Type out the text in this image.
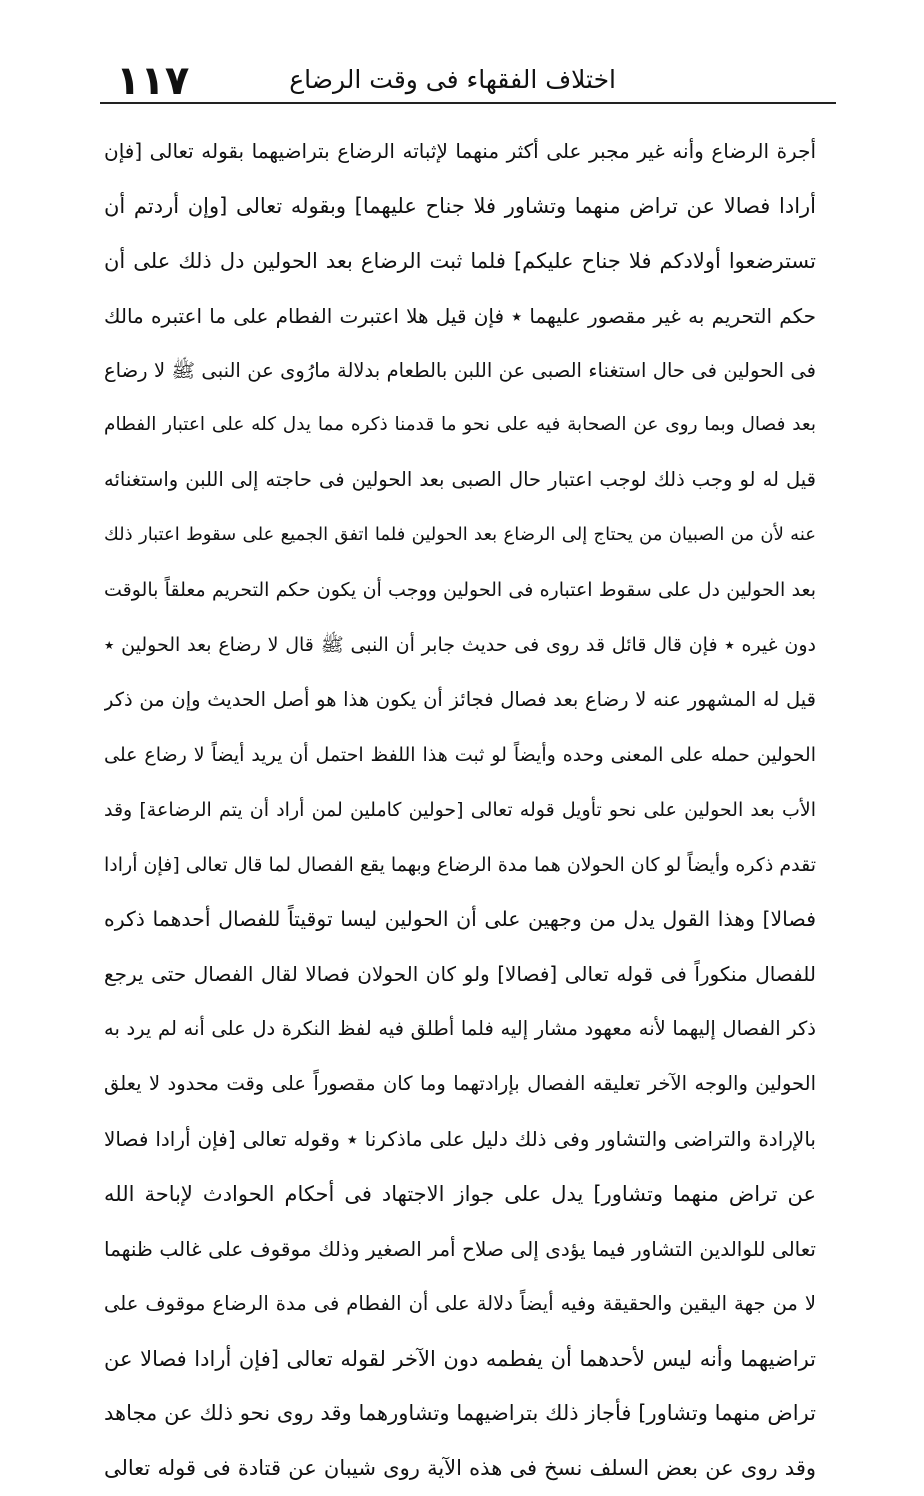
١١٧	اختلاف الفقهاء فى وقت الرضاع
أجرة الرضاع وأنه غير مجبر على أكثر منهما لإثباته الرضاع بتراضيهما بقوله تعالى [فإن
أرادا فصالا عن تراض منهما وتشاور فلا جناح عليهما] وبقوله تعالى [وإن أردتم أن
تسترضعوا أولادكم فلا جناح عليكم] فلما ثبت الرضاع بعد الحولين دل ذلك على أن
حكم التحريم به غير مقصور عليهما ٭ فإن قيل هلا اعتبرت الفطام على ما اعتبره مالك
فى الحولين فى حال استغناء الصبى عن اللبن بالطعام بدلالة مارُوى عن النبى ﷺ لا رضاع
بعد فصال وبما روى عن الصحابة فيه على نحو ما قدمنا ذكره مما يدل كله على اعتبار الفطام
قيل له لو وجب ذلك لوجب اعتبار حال الصبى بعد الحولين فى حاجته إلى اللبن واستغنائه
عنه لأن من الصبيان من يحتاج إلى الرضاع بعد الحولين فلما اتفق الجميع على سقوط اعتبار ذلك
بعد الحولين دل على سقوط اعتباره فى الحولين ووجب أن يكون حكم التحريم معلقاً بالوقت
دون غيره ٭ فإن قال قائل قد روى فى حديث جابر أن النبى ﷺ قال لا رضاع بعد الحولين ٭
قيل له المشهور عنه لا رضاع بعد فصال فجائز أن يكون هذا هو أصل الحديث وإن من ذكر
الحولين حمله على المعنى وحده وأيضاً لو ثبت هذا اللفظ احتمل أن يريد أيضاً لا رضاع على
الأب بعد الحولين على نحو تأويل قوله تعالى [حولين كاملين لمن أراد أن يتم الرضاعة] وقد
تقدم ذكره وأيضاً لو كان الحولان هما مدة الرضاع وبهما يقع الفصال لما قال تعالى [فإن أرادا
فصالا] وهذا القول يدل من وجهين على أن الحولين ليسا توقيتاً للفصال أحدهما ذكره
للفصال منكوراً فى قوله تعالى [فصالا] ولو كان الحولان فصالا لقال الفصال حتى يرجع
ذكر الفصال إليهما لأنه معهود مشار إليه فلما أطلق فيه لفظ النكرة دل على أنه لم يرد به
الحولين والوجه الآخر تعليقه الفصال بإرادتهما وما كان مقصوراً على وقت محدود لا يعلق
بالإرادة والتراضى والتشاور وفى ذلك دليل على ماذكرنا ٭ وقوله تعالى [فإن أرادا فصالا
عن تراض منهما وتشاور] يدل على جواز الاجتهاد فى أحكام الحوادث لإباحة الله
تعالى للوالدين التشاور فيما يؤدى إلى صلاح أمر الصغير وذلك موقوف على غالب ظنهما
لا من جهة اليقين والحقيقة وفيه أيضاً دلالة على أن الفطام فى مدة الرضاع موقوف على
تراضيهما وأنه ليس لأحدهما أن يفطمه دون الآخر لقوله تعالى [فإن أرادا فصالا عن
تراض منهما وتشاور] فأجاز ذلك بتراضيهما وتشاورهما وقد روى نحو ذلك عن مجاهد
وقد روى عن بعض السلف نسخ فى هذه الآية روى شيبان عن قتادة فى قوله تعالى
